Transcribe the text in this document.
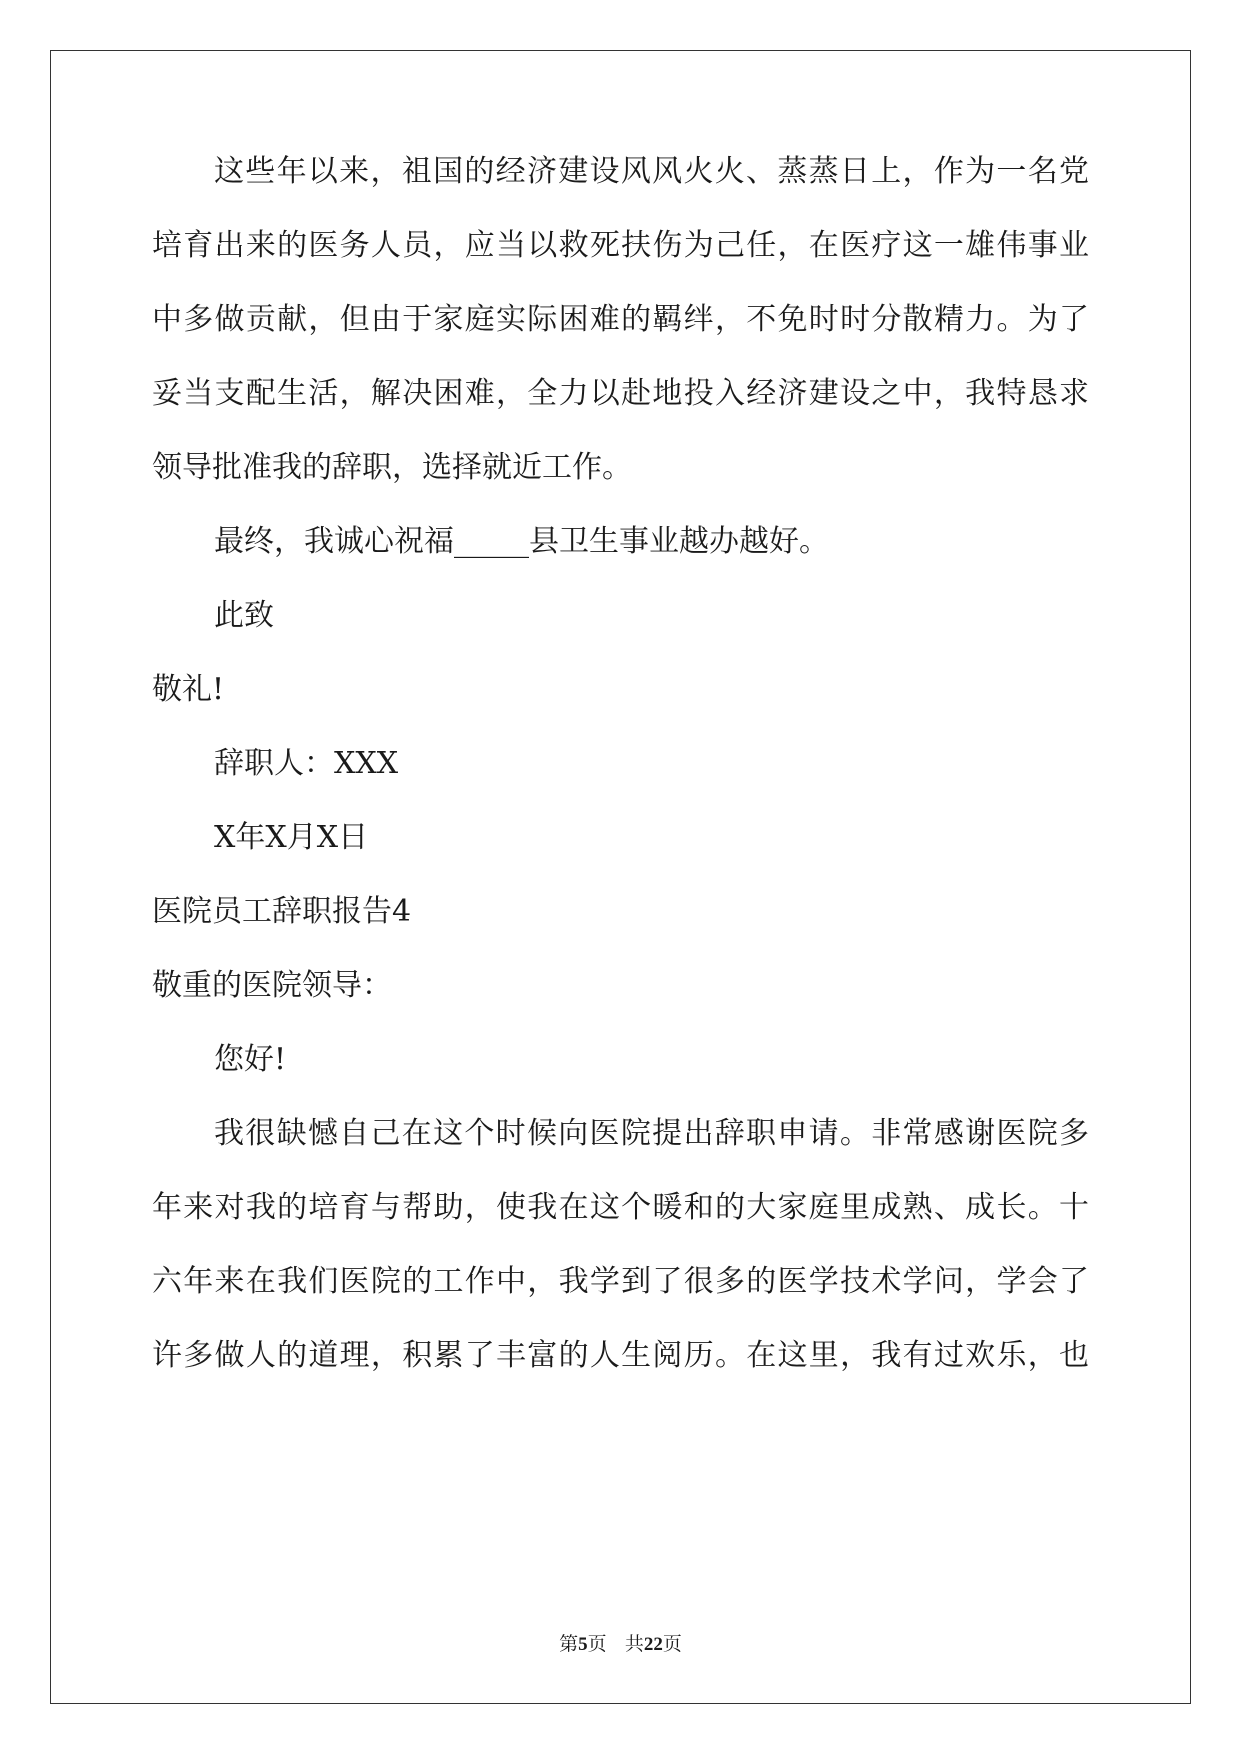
这些年以来，祖国的经济建设风风火火、蒸蒸日上，作为一名党
培育出来的医务人员，应当以救死扶伤为己任，在医疗这一雄伟事业
中多做贡献，但由于家庭实际困难的羁绊，不免时时分散精力。为了
妥当支配生活，解决困难，全力以赴地投入经济建设之中，我特恳求
领导批准我的辞职，选择就近工作。
最终，我诚心祝福_____县卫生事业越办越好。
此致
敬礼!
辞职人：XXX
X年X月X日
医院员工辞职报告4
敬重的医院领导：
您好!
我很缺憾自己在这个时候向医院提出辞职申请。非常感谢医院多
年来对我的培育与帮助，使我在这个暖和的大家庭里成熟、成长。十
六年来在我们医院的工作中，我学到了很多的医学技术学问，学会了
许多做人的道理，积累了丰富的人生阅历。在这里，我有过欢乐，也
第5页 共22页
